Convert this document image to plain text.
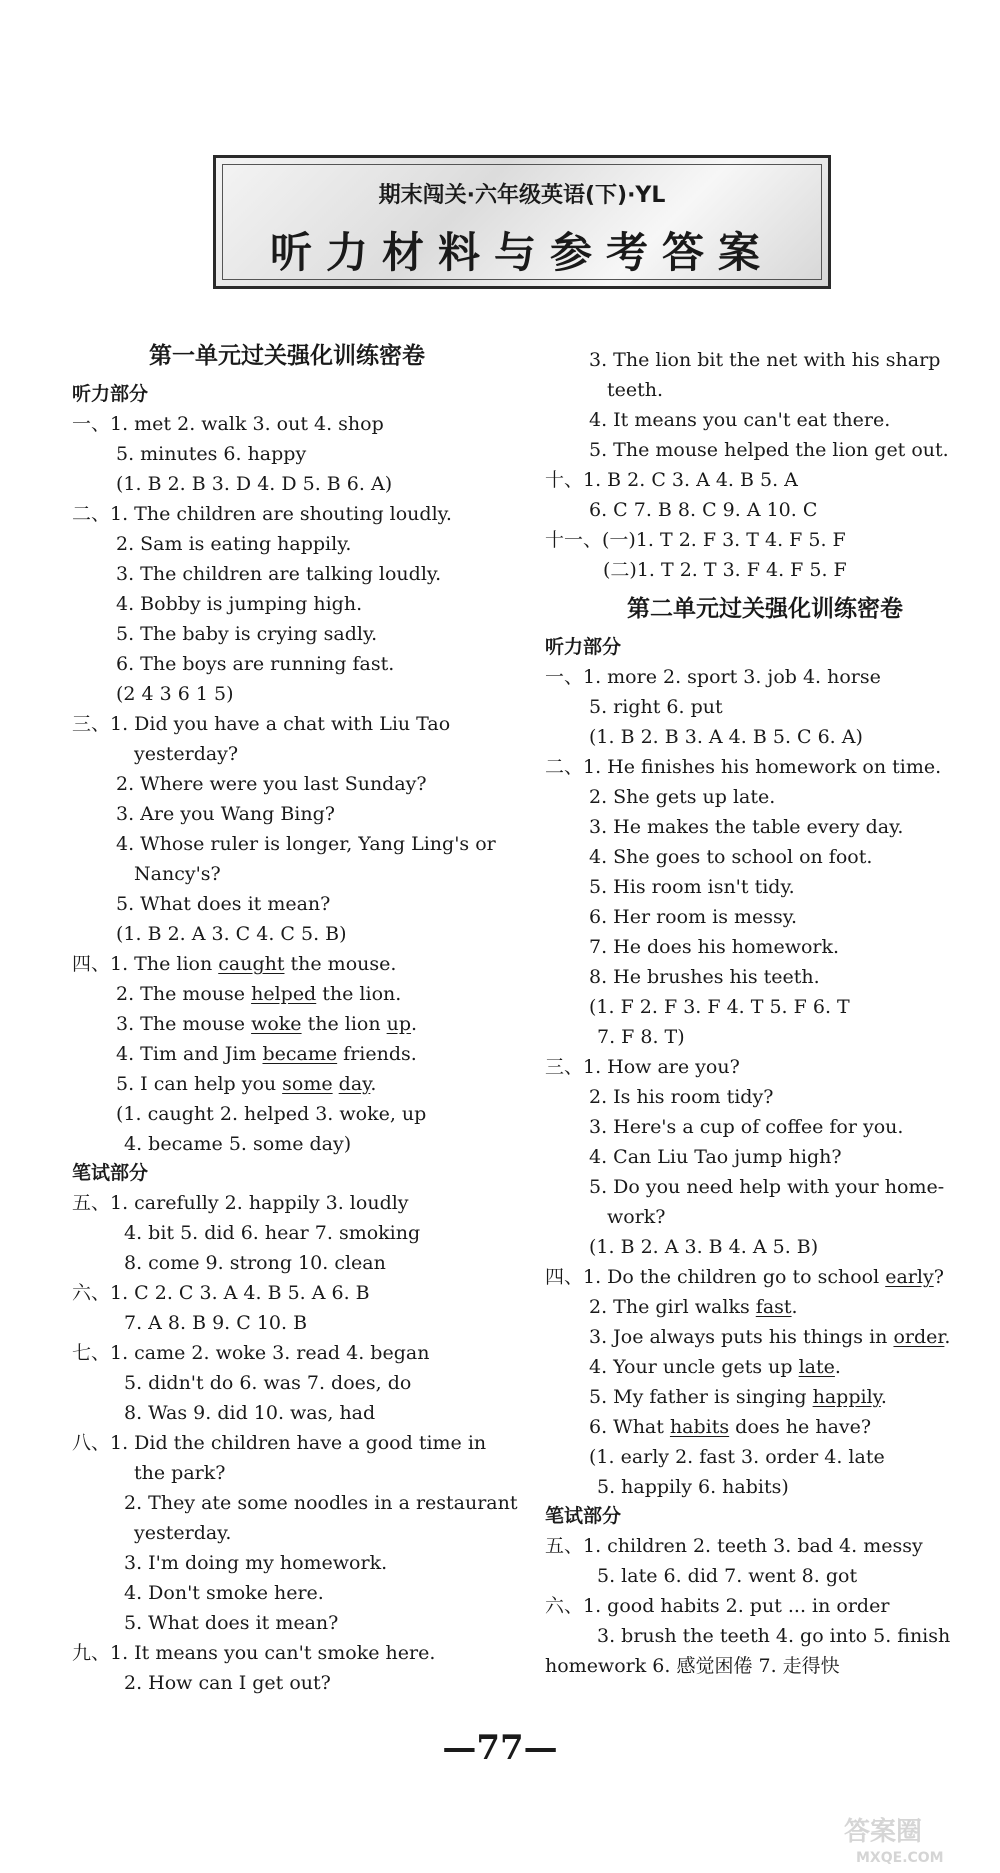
期末闯关·六年级英语(下)·YL
听力材料与参考答案
第一单元过关强化训练密卷
听力部分
一、1. met 2. walk 3. out 4. shop
5. minutes 6. happy
(1. B 2. B 3. D 4. D 5. B 6. A)
二、1. The children are shouting loudly.
2. Sam is eating happily.
3. The children are talking loudly.
4. Bobby is jumping high.
5. The baby is crying sadly.
6. The boys are running fast.
(2 4 3 6 1 5)
三、1. Did you have a chat with Liu Tao
yesterday?
2. Where were you last Sunday?
3. Are you Wang Bing?
4. Whose ruler is longer, Yang Ling's or
Nancy's?
5. What does it mean?
(1. B 2. A 3. C 4. C 5. B)
四、1. The lion caught the mouse.
2. The mouse helped the lion.
3. The mouse woke the lion up.
4. Tim and Jim became friends.
5. I can help you some day.
(1. caught 2. helped 3. woke, up
4. became 5. some day)
笔试部分
五、1. carefully 2. happily 3. loudly
4. bit 5. did 6. hear 7. smoking
8. come 9. strong 10. clean
六、1. C 2. C 3. A 4. B 5. A 6. B
7. A 8. B 9. C 10. B
七、1. came 2. woke 3. read 4. began
5. didn't do 6. was 7. does, do
8. Was 9. did 10. was, had
八、1. Did the children have a good time in
the park?
2. They ate some noodles in a restaurant
yesterday.
3. I'm doing my homework.
4. Don't smoke here.
5. What does it mean?
九、1. It means you can't smoke here.
2. How can I get out?
3. The lion bit the net with his sharp
teeth.
4. It means you can't eat there.
5. The mouse helped the lion get out.
十、1. B 2. C 3. A 4. B 5. A
6. C 7. B 8. C 9. A 10. C
十一、(一)1. T 2. F 3. T 4. F 5. F
(二)1. T 2. T 3. F 4. F 5. F
第二单元过关强化训练密卷
听力部分
一、1. more 2. sport 3. job 4. horse
5. right 6. put
(1. B 2. B 3. A 4. B 5. C 6. A)
二、1. He finishes his homework on time.
2. She gets up late.
3. He makes the table every day.
4. She goes to school on foot.
5. His room isn't tidy.
6. Her room is messy.
7. He does his homework.
8. He brushes his teeth.
(1. F 2. F 3. F 4. T 5. F 6. T
7. F 8. T)
三、1. How are you?
2. Is his room tidy?
3. Here's a cup of coffee for you.
4. Can Liu Tao jump high?
5. Do you need help with your home-
work?
(1. B 2. A 3. B 4. A 5. B)
四、1. Do the children go to school early?
2. The girl walks fast.
3. Joe always puts his things in order.
4. Your uncle gets up late.
5. My father is singing happily.
6. What habits does he have?
(1. early 2. fast 3. order 4. late
5. happily 6. habits)
笔试部分
五、1. children 2. teeth 3. bad 4. messy
5. late 6. did 7. went 8. got
六、1. good habits 2. put ... in order
3. brush the teeth 4. go into 5. finish
homework 6. 感觉困倦 7. 走得快
—77—
答案圈
MXQE.COM
